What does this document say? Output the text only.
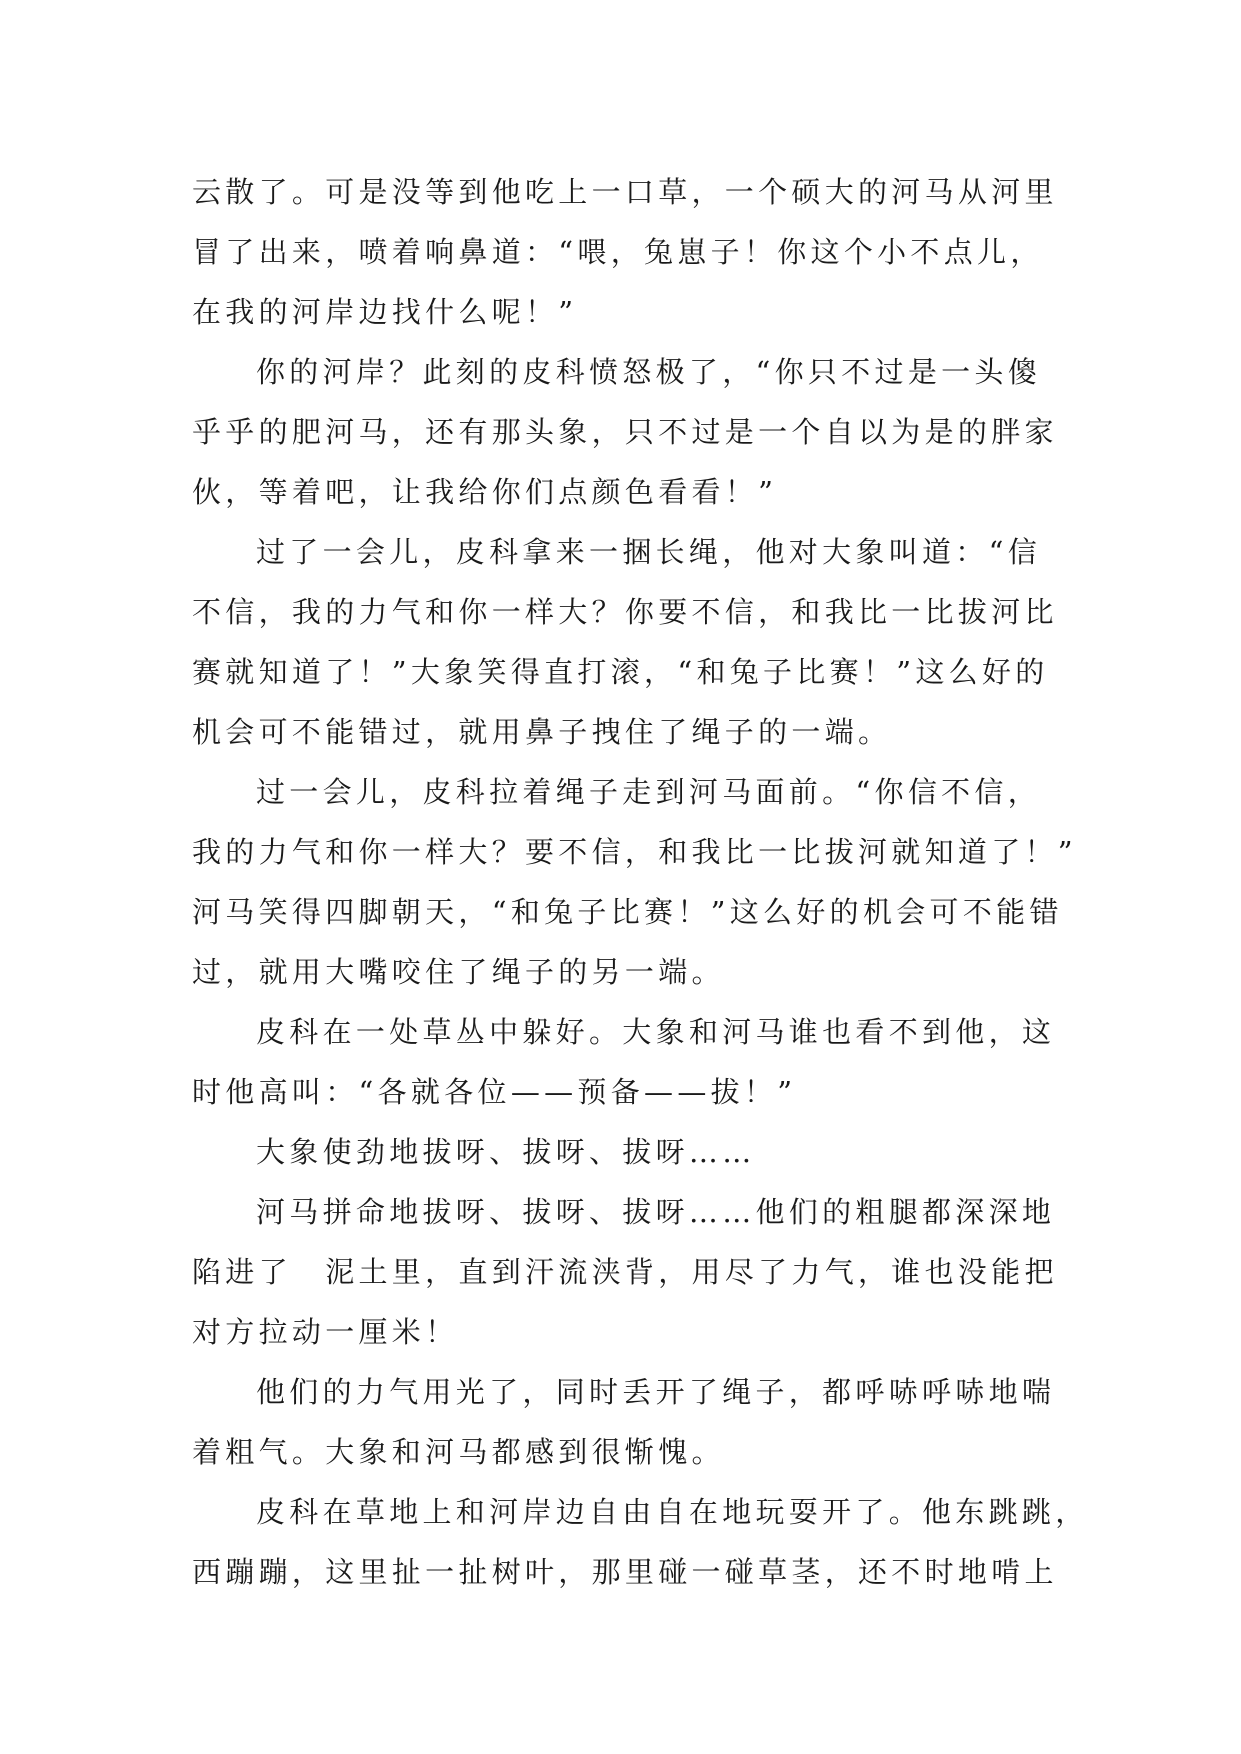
云散了。可是没等到他吃上一口草，一个硕大的河马从河里
冒了出来，喷着响鼻道：“喂，兔崽子！你这个小不点儿，
在我的河岸边找什么呢！”
你的河岸？此刻的皮科愤怒极了，“你只不过是一头傻
乎乎的肥河马，还有那头象，只不过是一个自以为是的胖家
伙，等着吧，让我给你们点颜色看看！”
过了一会儿，皮科拿来一捆长绳，他对大象叫道：“信
不信，我的力气和你一样大？你要不信，和我比一比拔河比
赛就知道了！”大象笑得直打滚，“和兔子比赛！”这么好的
机会可不能错过，就用鼻子拽住了绳子的一端。
过一会儿，皮科拉着绳子走到河马面前。“你信不信，
我的力气和你一样大？要不信，和我比一比拔河就知道了！”
河马笑得四脚朝天，“和兔子比赛！”这么好的机会可不能错
过，就用大嘴咬住了绳子的另一端。
皮科在一处草丛中躲好。大象和河马谁也看不到他，这
时他高叫：“各就各位——预备——拔！”
大象使劲地拔呀、拔呀、拔呀……
河马拼命地拔呀、拔呀、拔呀……他们的粗腿都深深地
陷进了　泥土里，直到汗流浃背，用尽了力气，谁也没能把
对方拉动一厘米！
他们的力气用光了，同时丢开了绳子，都呼哧呼哧地喘
着粗气。大象和河马都感到很惭愧。
皮科在草地上和河岸边自由自在地玩耍开了。他东跳跳，
西蹦蹦，这里扯一扯树叶，那里碰一碰草茎，还不时地啃上
